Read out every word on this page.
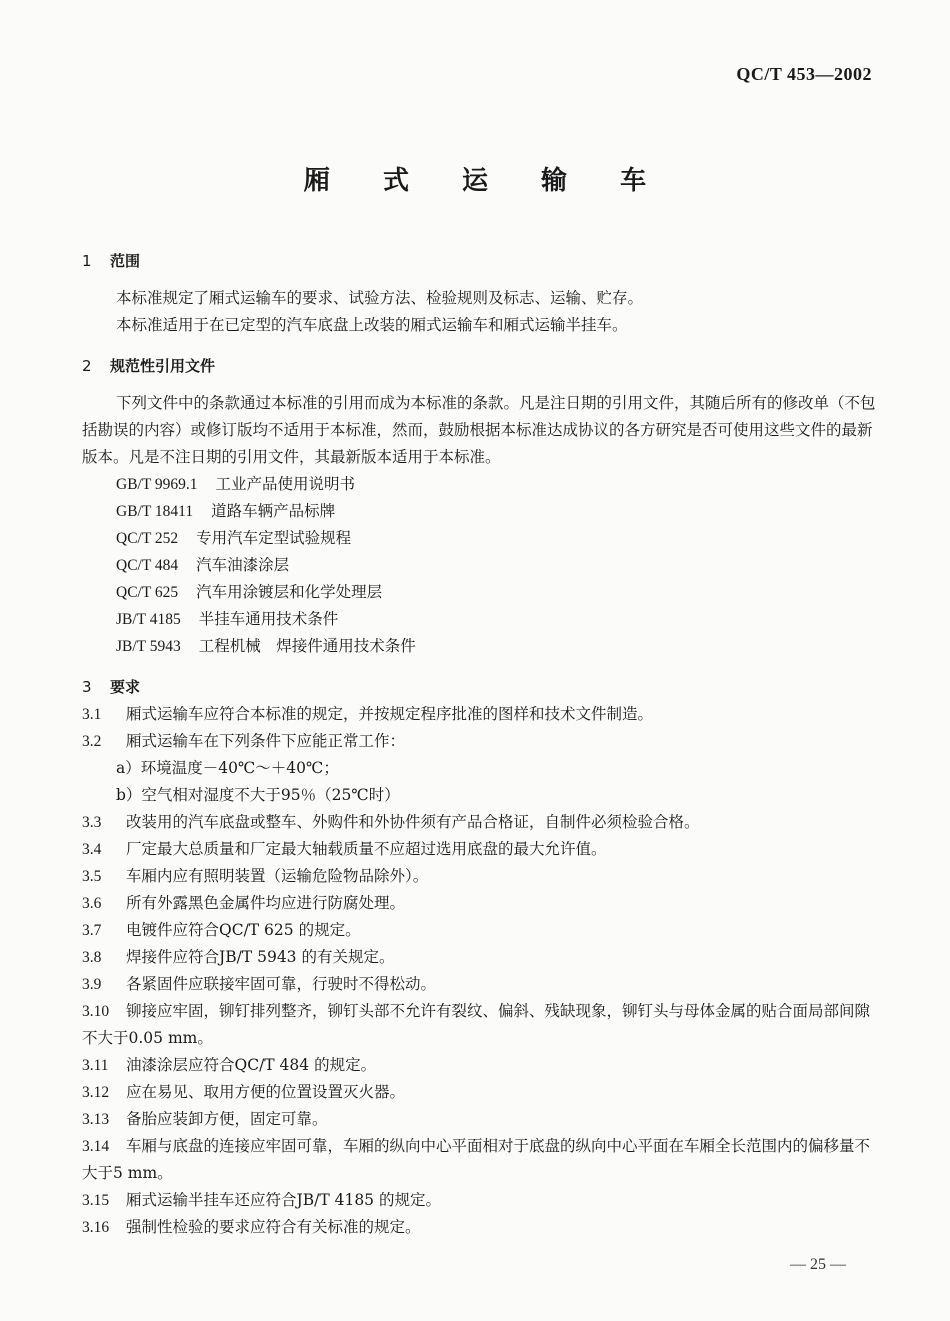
QC/T 453—2002
厢 式 运 输 车
1 范围

本标准规定了厢式运输车的要求、试验方法、检验规则及标志、运输、贮存。

本标准适用于在已定型的汽车底盘上改装的厢式运输车和厢式运输半挂车。

2 规范性引用文件

下列文件中的条款通过本标准的引用而成为本标准的条款。凡是注日期的引用文件，其随后所有的修改单（不包括勘误的内容）或修订版均不适用于本标准，然而，鼓励根据本标准达成协议的各方研究是否可使用这些文件的最新版本。凡是不注日期的引用文件，其最新版本适用于本标准。

GB/T 9969.1 工业产品使用说明书
GB/T 18411 道路车辆产品标牌
QC/T 252 专用汽车定型试验规程
QC/T 484 汽车油漆涂层
QC/T 625 汽车用涂镀层和化学处理层
JB/T 4185 半挂车通用技术条件
JB/T 5943 工程机械　焊接件通用技术条件
3 要求

3.1 厢式运输车应符合本标准的规定，并按规定程序批准的图样和技术文件制造。

3.2 厢式运输车在下列条件下应能正常工作：

a）环境温度－40℃～＋40℃；

b）空气相对湿度不大于95％（25℃时）

3.3 改装用的汽车底盘或整车、外购件和外协件须有产品合格证，自制件必须检验合格。

3.4 厂定最大总质量和厂定最大轴载质量不应超过选用底盘的最大允许值。

3.5 车厢内应有照明装置（运输危险物品除外）。

3.6 所有外露黑色金属件均应进行防腐处理。

3.7 电镀件应符合QC/T 625 的规定。

3.8 焊接件应符合JB/T 5943 的有关规定。

3.9 各紧固件应联接牢固可靠，行驶时不得松动。

3.10 铆接应牢固，铆钉排列整齐，铆钉头部不允许有裂纹、偏斜、残缺现象，铆钉头与母体金属的贴合面局部间隙不大于0.05 mm。

3.11 油漆涂层应符合QC/T 484 的规定。

3.12 应在易见、取用方便的位置设置灭火器。

3.13 备胎应装卸方便，固定可靠。

3.14 车厢与底盘的连接应牢固可靠，车厢的纵向中心平面相对于底盘的纵向中心平面在车厢全长范围内的偏移量不大于5 mm。

3.15 厢式运输半挂车还应符合JB/T 4185 的规定。

3.16 强制性检验的要求应符合有关标准的规定。

— 25 —
